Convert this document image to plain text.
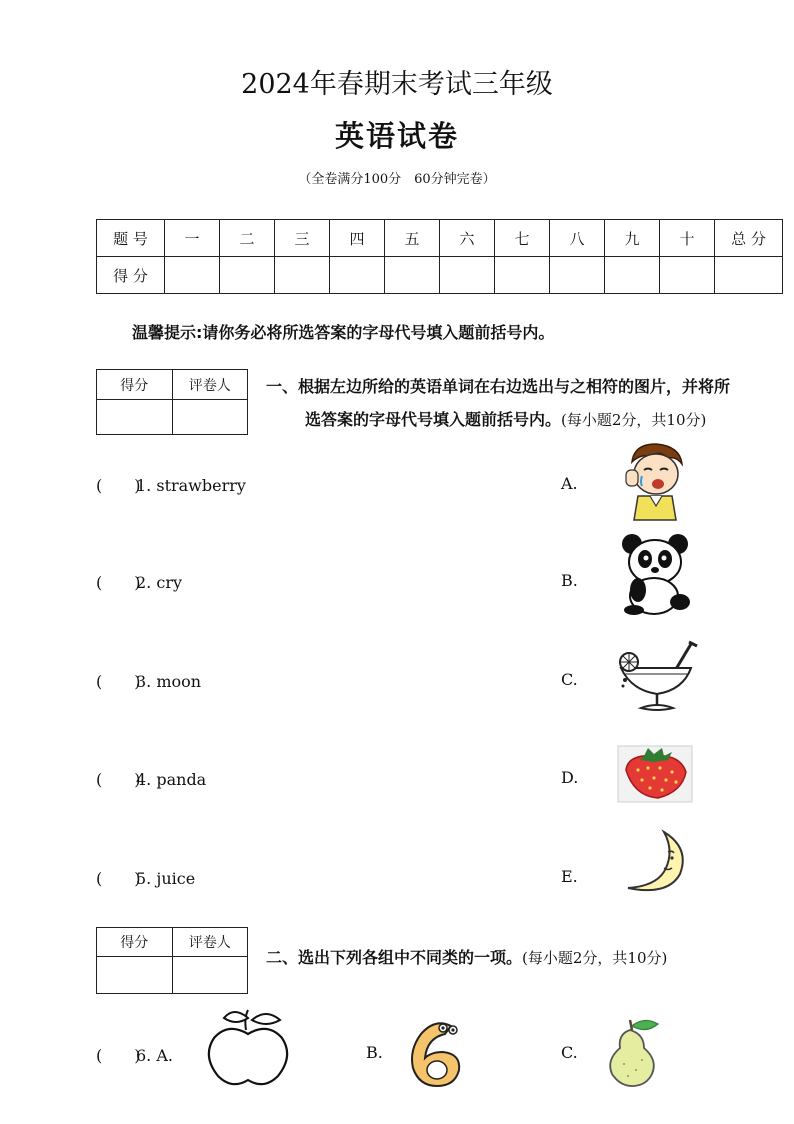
2024年春期末考试三年级
英语试卷
（全卷满分100分　60分钟完卷）
题 号	一	二	三	四	五	六	七	八	九	十	总 分
得 分											
温馨提示:请你务必将所选答案的字母代号填入题前括号内。
得分	评卷人
	一、根据左边所给的英语单词在右边选出与之相符的图片，并将所
选答案的字母代号填入题前括号内。(每小题2分，共10分)
(　　)1. strawberry	A.
(　　)2. cry	B.
(　　)3. moon	C.
(　　)4. panda	D.
(　　)5. juice	E.
得分	评卷人

二、选出下列各组中不同类的一项。(每小题2分，共10分)
(　　)6. A.	B.	C.
